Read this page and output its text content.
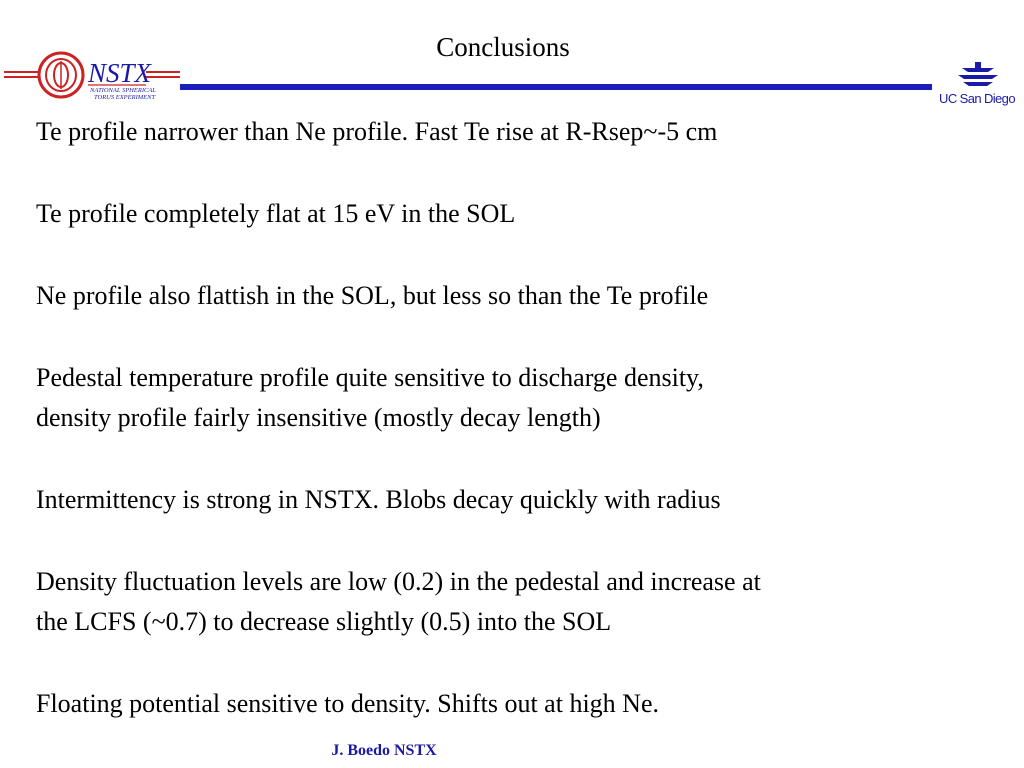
Conclusions
NSTX
NATIONAL SPHERICAL
TORUS EXPERIMENT	UC San Diego
Te profile narrower than Ne profile. Fast Te rise at R-Rsep~-5 cm
Te profile completely flat at 15 eV in the SOL
Ne profile also flattish in the SOL, but less so than the Te profile
Pedestal temperature profile quite sensitive to discharge density,
density profile fairly insensitive (mostly decay length)
Intermittency is strong in NSTX. Blobs decay quickly with radius
Density fluctuation levels are low (0.2) in the pedestal and increase at
the LCFS (~0.7) to decrease slightly (0.5) into the SOL
Floating potential sensitive to density. Shifts out at high Ne.
J. Boedo NSTX
